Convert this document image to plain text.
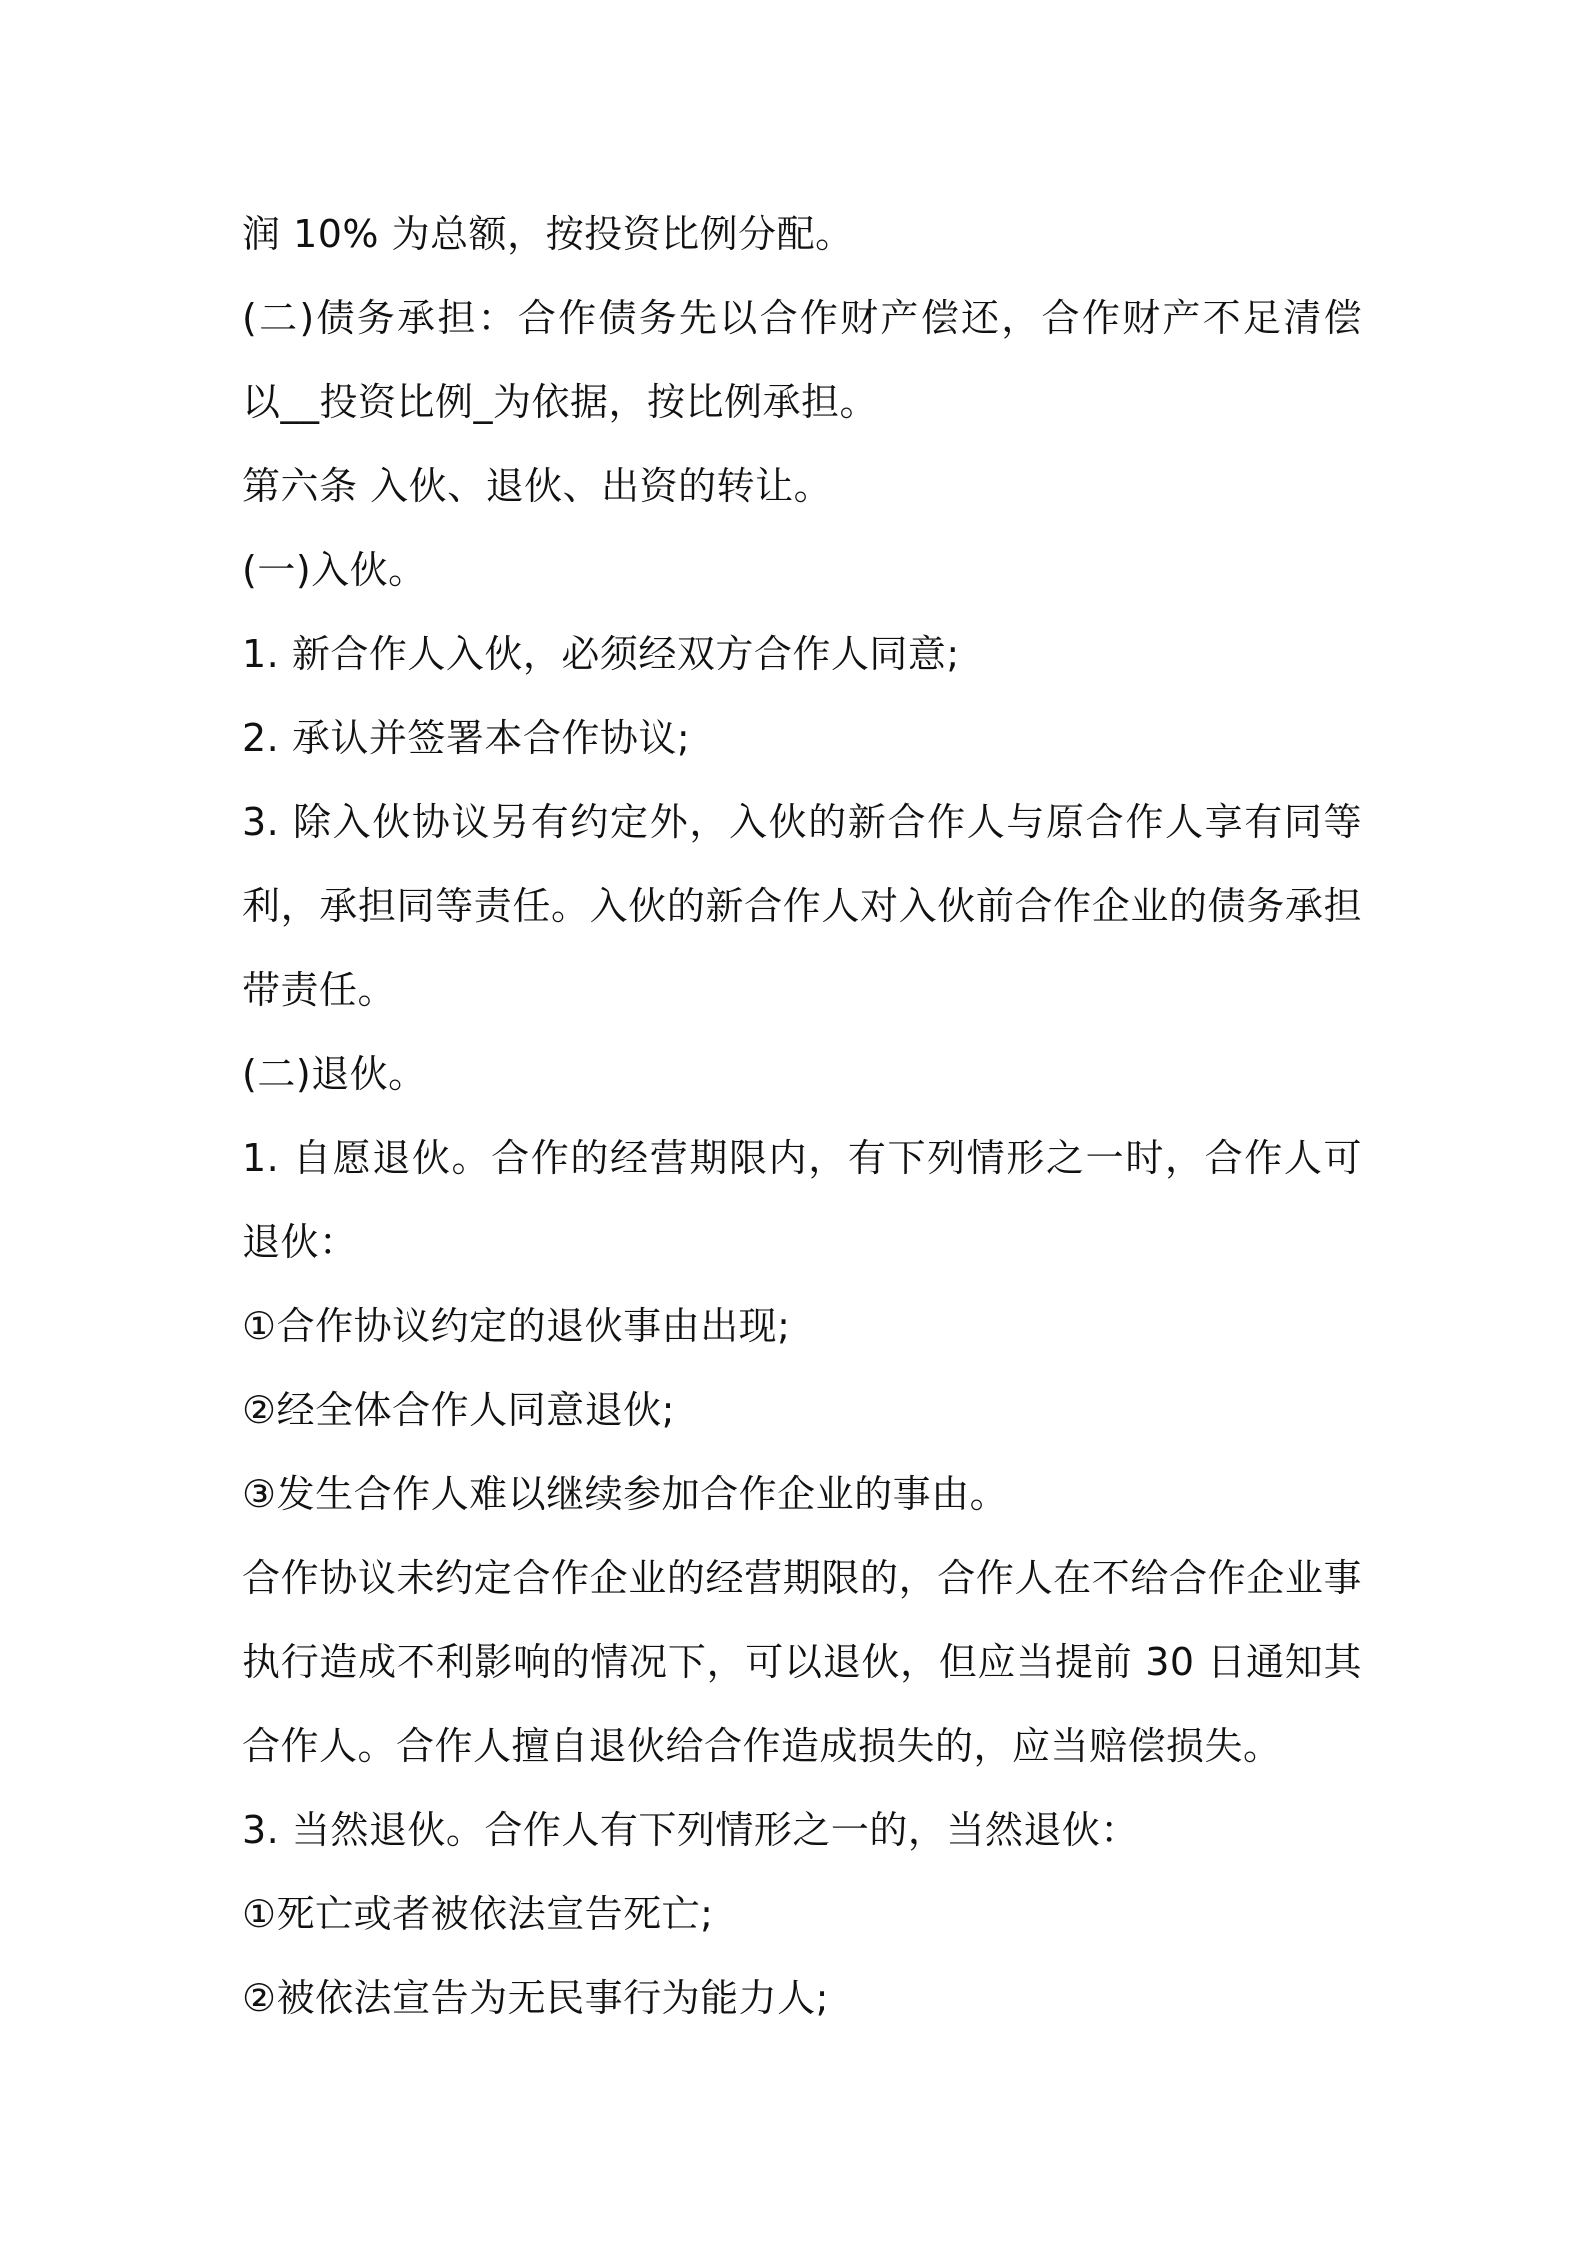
润 10% 为总额，按投资比例分配。
(二)债务承担：合作债务先以合作财产偿还，合作财产不足清偿
以__投资比例_为依据，按比例承担。
第六条 入伙、退伙、出资的转让。
(一)入伙。
1. 新合作人入伙，必须经双方合作人同意;
2. 承认并签署本合作协议;
3. 除入伙协议另有约定外，入伙的新合作人与原合作人享有同等
利，承担同等责任。入伙的新合作人对入伙前合作企业的债务承担
带责任。
(二)退伙。
1. 自愿退伙。合作的经营期限内，有下列情形之一时，合作人可
退伙：
①合作协议约定的退伙事由出现;
②经全体合作人同意退伙;
③发生合作人难以继续参加合作企业的事由。
合作协议未约定合作企业的经营期限的，合作人在不给合作企业事
执行造成不利影响的情况下，可以退伙，但应当提前 30 日通知其
合作人。合作人擅自退伙给合作造成损失的，应当赔偿损失。
3. 当然退伙。合作人有下列情形之一的，当然退伙：
①死亡或者被依法宣告死亡;
②被依法宣告为无民事行为能力人;
